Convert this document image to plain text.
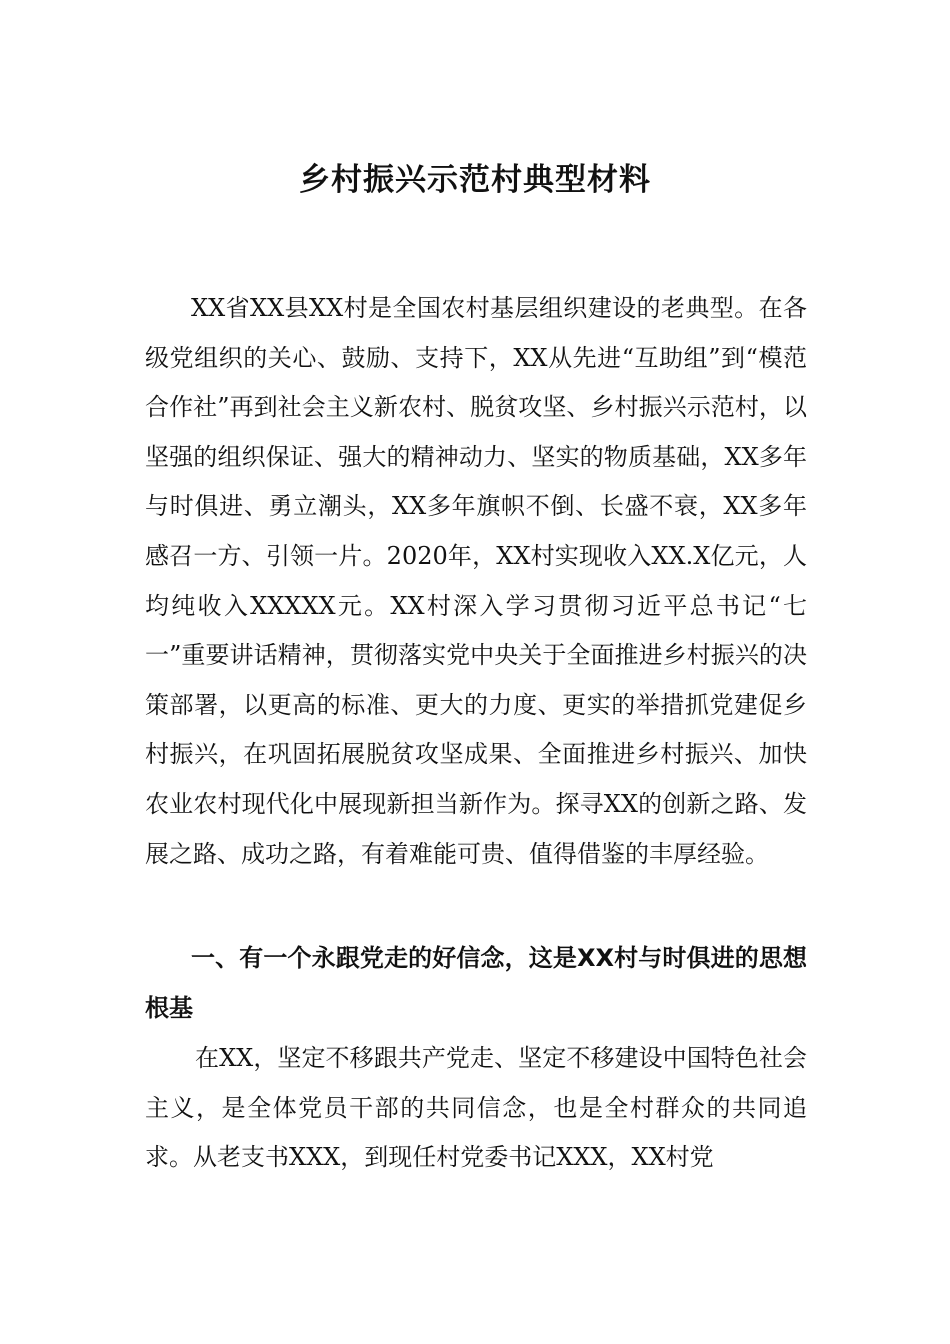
乡村振兴示范村典型材料

XX省XX县XX村是全国农村基层组织建设的老典型。在各级党组织的关心、鼓励、支持下，XX从先进“互助组”到“模范合作社”再到社会主义新农村、脱贫攻坚、乡村振兴示范村，以坚强的组织保证、强大的精神动力、坚实的物质基础，XX多年与时俱进、勇立潮头，XX多年旗帜不倒、长盛不衰，XX多年感召一方、引领一片。2020年，XX村实现收入XX.X亿元，人均纯收入XXXXX元。XX村深入学习贯彻习近平总书记“七一”重要讲话精神，贯彻落实党中央关于全面推进乡村振兴的决策部署，以更高的标准、更大的力度、更实的举措抓党建促乡村振兴，在巩固拓展脱贫攻坚成果、全面推进乡村振兴、加快农业农村现代化中展现新担当新作为。探寻XX的创新之路、发展之路、成功之路，有着难能可贵、值得借鉴的丰厚经验。

一、有一个永跟党走的好信念，这是XX村与时俱进的思想根基

在XX，坚定不移跟共产党走、坚定不移建设中国特色社会主义，是全体党员干部的共同信念，也是全村群众的共同追求。从老支书XXX，到现任村党委书记XXX，XX村党
